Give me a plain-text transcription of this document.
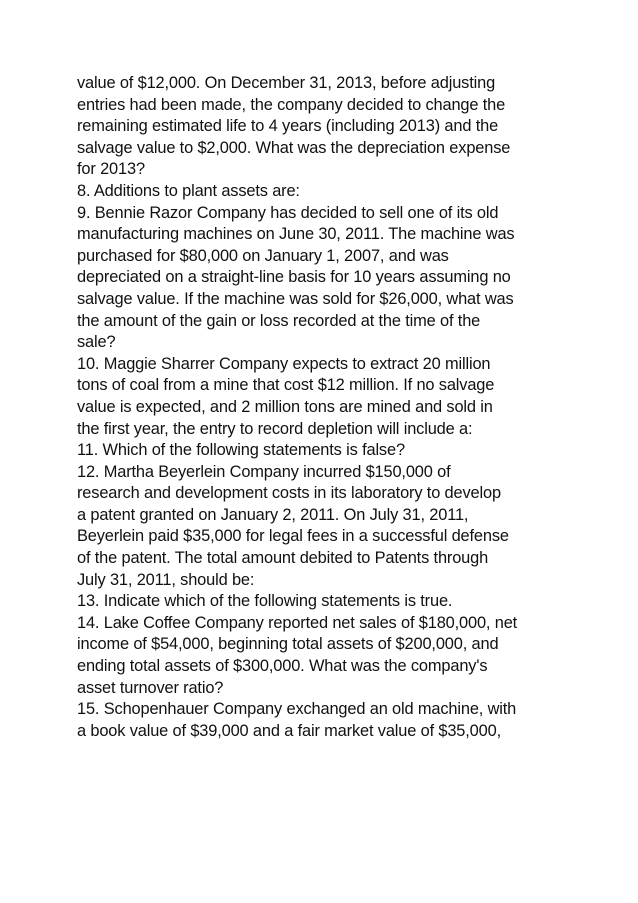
value of $12,000. On December 31, 2013, before adjusting
entries had been made, the company decided to change the
remaining estimated life to 4 years (including 2013) and the
salvage value to $2,000. What was the depreciation expense
for 2013?
8. Additions to plant assets are:
9. Bennie Razor Company has decided to sell one of its old
manufacturing machines on June 30, 2011. The machine was
purchased for $80,000 on January 1, 2007, and was
depreciated on a straight-line basis for 10 years assuming no
salvage value. If the machine was sold for $26,000, what was
the amount of the gain or loss recorded at the time of the
sale?
10. Maggie Sharrer Company expects to extract 20 million
tons of coal from a mine that cost $12 million. If no salvage
value is expected, and 2 million tons are mined and sold in
the first year, the entry to record depletion will include a:
11. Which of the following statements is false?
12. Martha Beyerlein Company incurred $150,000 of
research and development costs in its laboratory to develop
a patent granted on January 2, 2011. On July 31, 2011,
Beyerlein paid $35,000 for legal fees in a successful defense
of the patent. The total amount debited to Patents through
July 31, 2011, should be:
13. Indicate which of the following statements is true.
14. Lake Coffee Company reported net sales of $180,000, net
income of $54,000, beginning total assets of $200,000, and
ending total assets of $300,000. What was the company's
asset turnover ratio?
15. Schopenhauer Company exchanged an old machine, with
a book value of $39,000 and a fair market value of $35,000,
